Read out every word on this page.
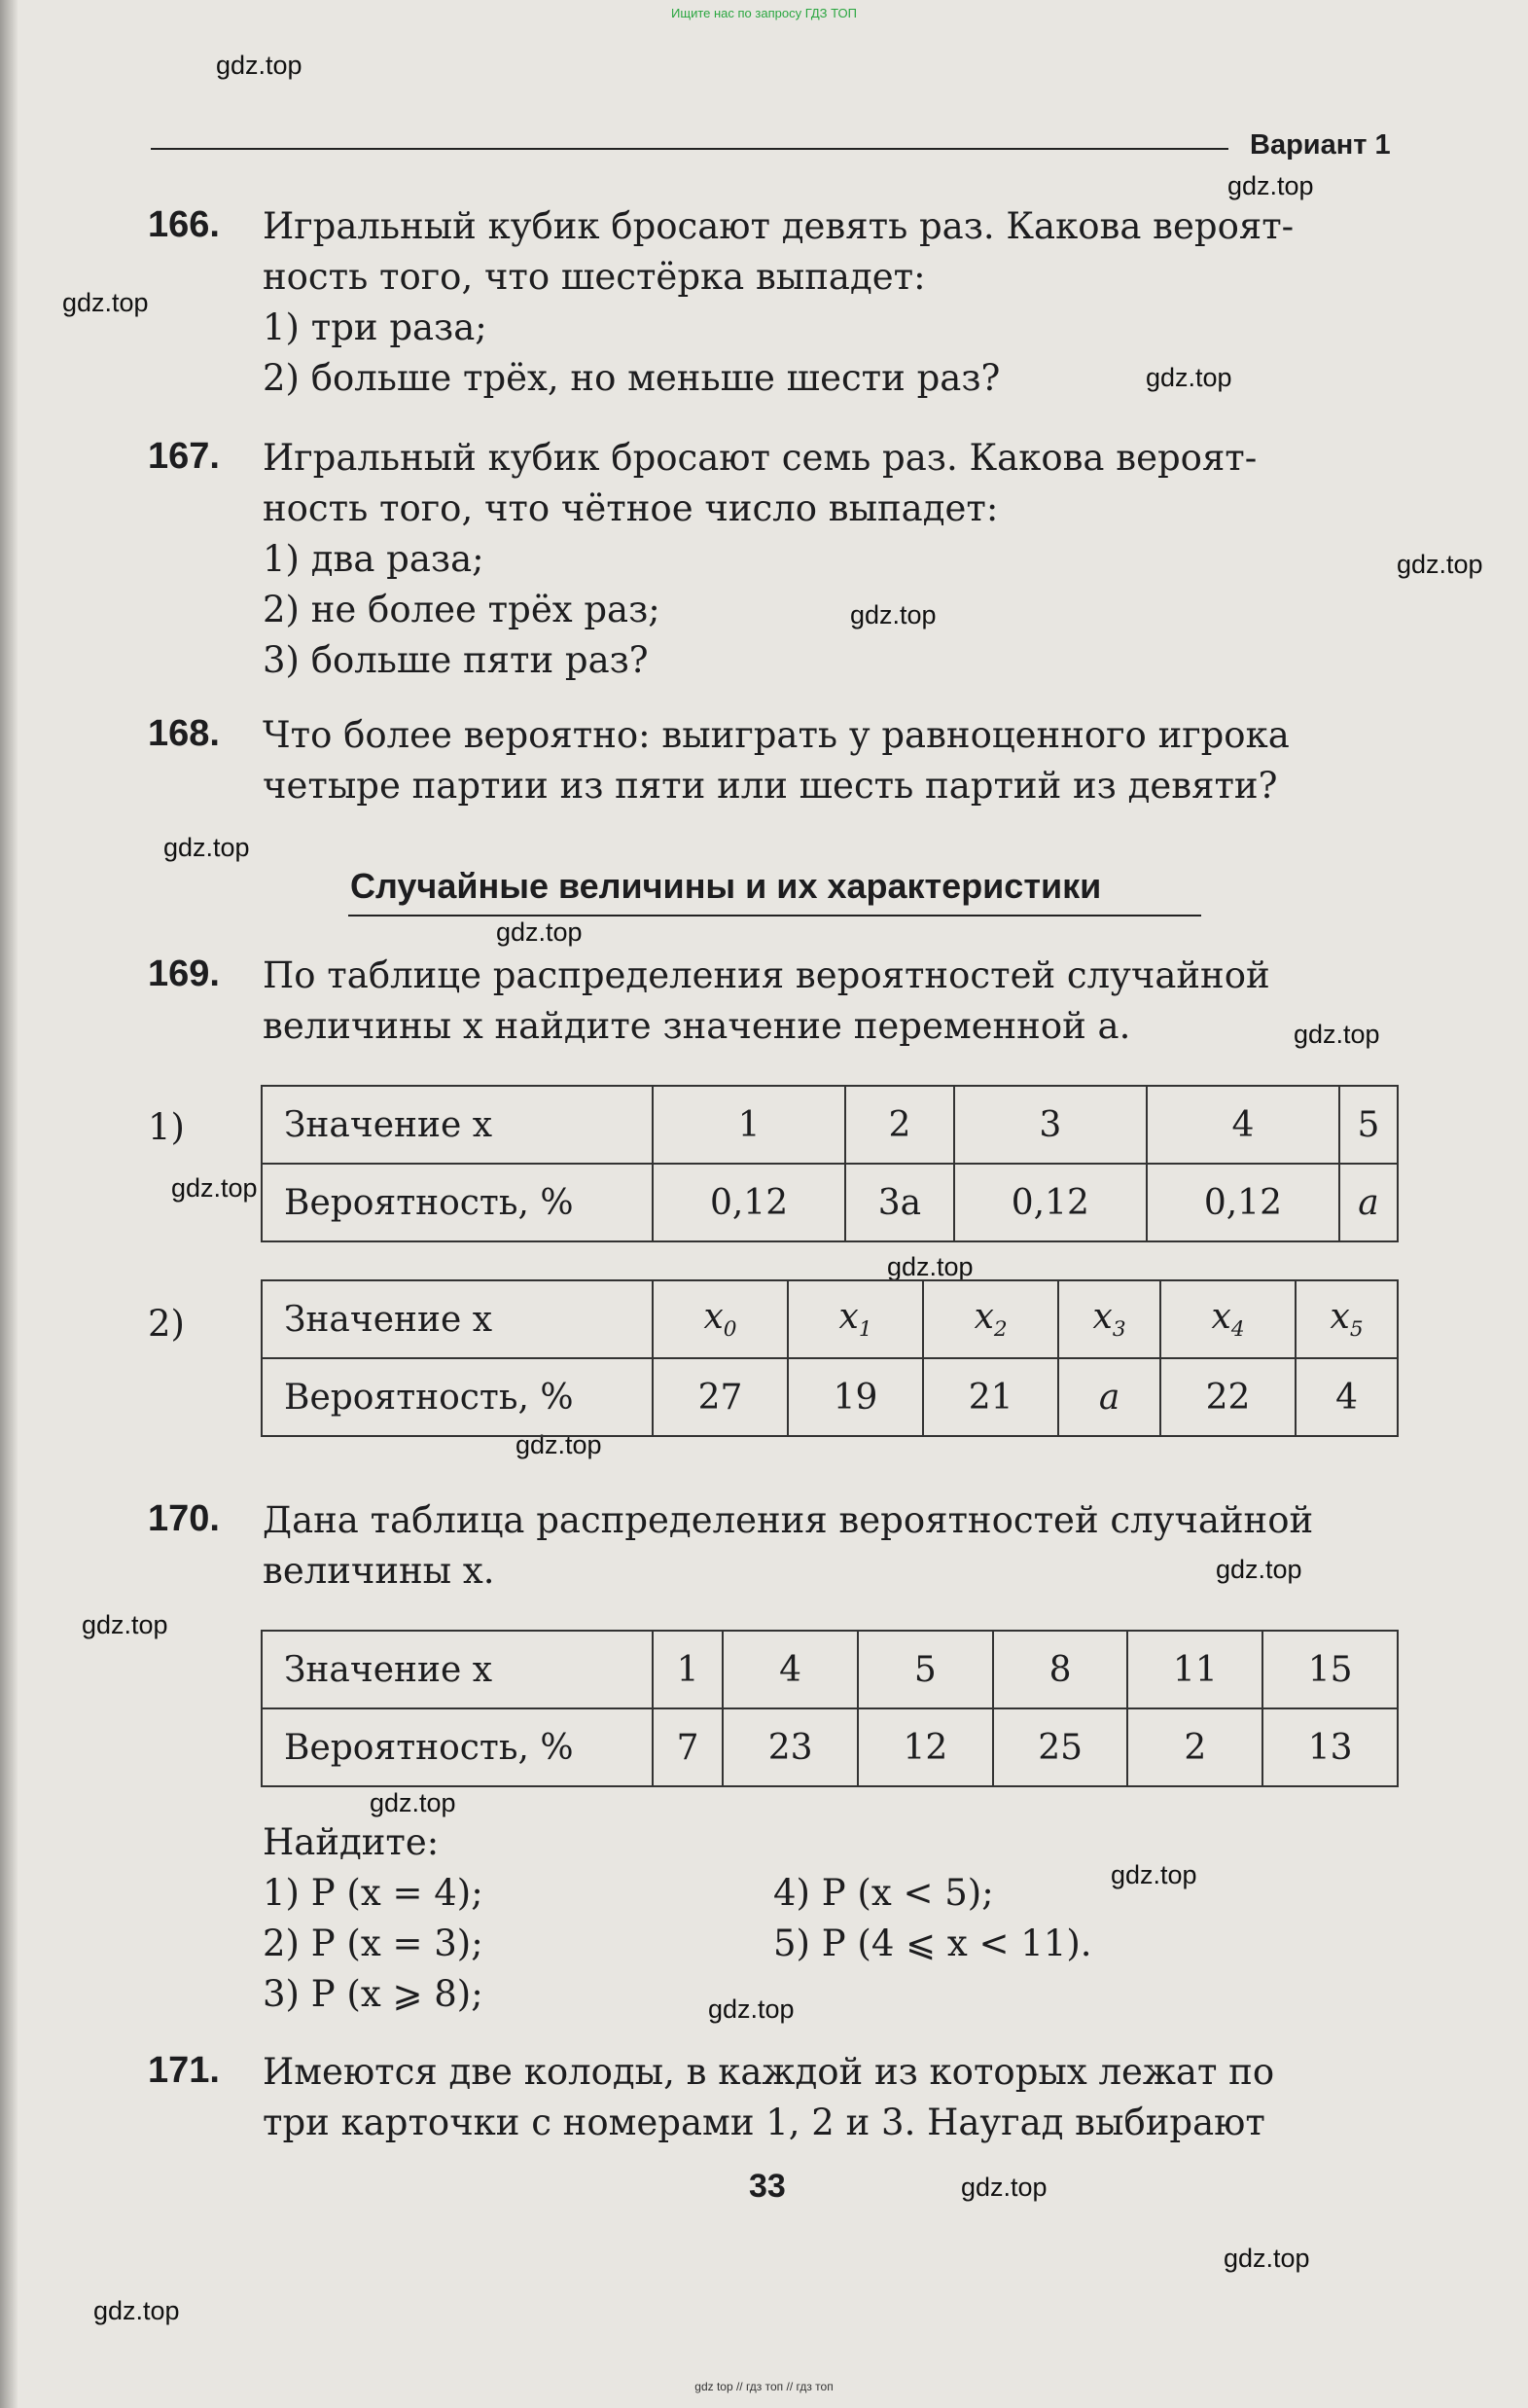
Ищите нас по запросу ГДЗ ТОП
gdz.top
gdz.top
gdz.top
gdz.top
gdz.top
gdz.top
gdz.top
gdz.top
gdz.top
gdz.top
gdz.top
gdz.top
gdz.top
gdz.top
gdz.top
gdz.top
gdz.top
gdz.top
gdz.top
gdz.top
Вариант 1
166. Игральный кубик бросают девять раз. Какова вероят-
ность того, что шестёрка выпадет:
1) три раза;
2) больше трёх, но меньше шести раз?
167. Игральный кубик бросают семь раз. Какова вероят-
ность того, что чётное число выпадет:
1) два раза;
2) не более трёх раз;
3) больше пяти раз?
168. Что более вероятно: выиграть у равноценного игрока
четыре партии из пяти или шесть партий из девяти?
Случайные величины и их характеристики
169. По таблице распределения вероятностей случайной
величины x найдите значение переменной a.
1)	Значение x	1	2	3	4	5
Вероятность, %	0,12	3a	0,12	0,12	a
2)	Значение x	$x_0$	$x_1$	$x_2$	$x_3$	$x_4$	$x_5$
Вероятность, %	27	19	21	a	22	4
170. Дана таблица распределения вероятностей случайной
величины x.
Значение x	1	4	5	8	11	15
Вероятность, %	7	23	12	25	2	13
Найдите:
1) P (x = 4);
2) P (x = 3);
3) P (x ⩾ 8);
4) P (x < 5);
5) P (4 ⩽ x < 11).
171. Имеются две колоды, в каждой из которых лежат по
три карточки с номерами 1, 2 и 3. Наугад выбирают
33
gdz top // гдз топ // гдз топ
